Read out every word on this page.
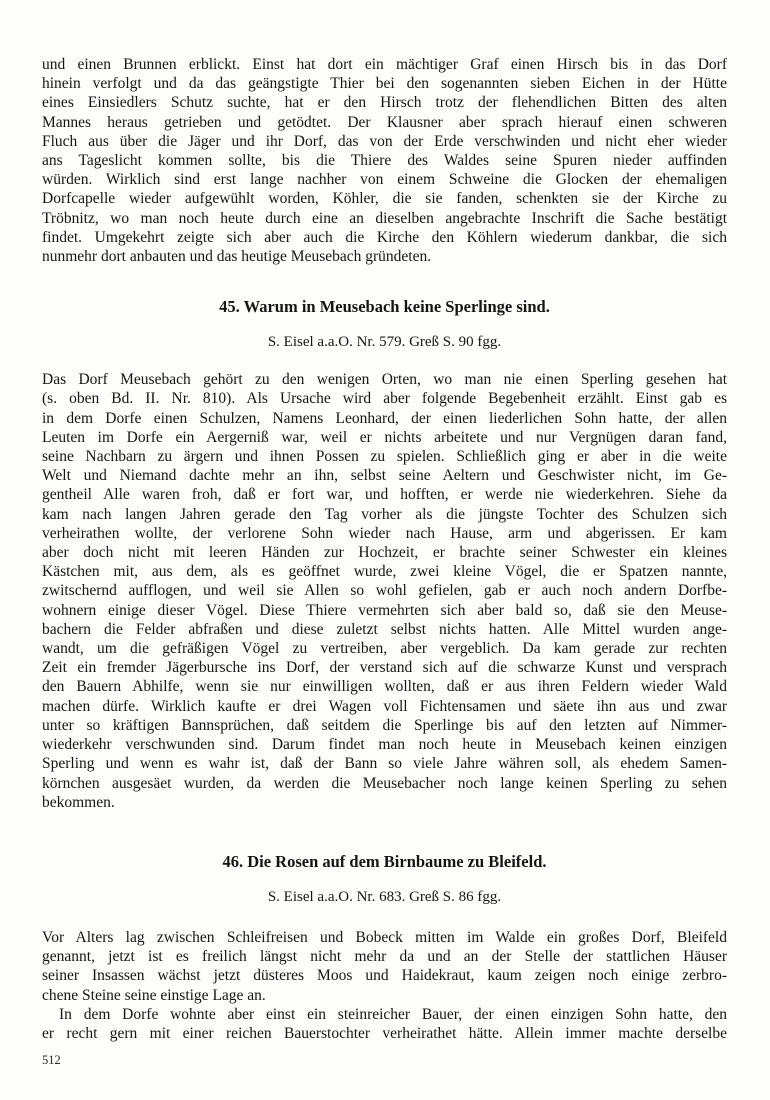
und einen Brunnen erblickt. Einst hat dort ein mächtiger Graf einen Hirsch bis in das Dorf
hinein verfolgt und da das geängstigte Thier bei den sogenannten sieben Eichen in der Hütte
eines Einsiedlers Schutz suchte, hat er den Hirsch trotz der flehendlichen Bitten des alten
Mannes heraus getrieben und getödtet. Der Klausner aber sprach hierauf einen schweren
Fluch aus über die Jäger und ihr Dorf, das von der Erde verschwinden und nicht eher wieder
ans Tageslicht kommen sollte, bis die Thiere des Waldes seine Spuren nieder auffinden
würden. Wirklich sind erst lange nachher von einem Schweine die Glocken der ehemaligen
Dorfcapelle wieder aufgewühlt worden, Köhler, die sie fanden, schenkten sie der Kirche zu
Tröbnitz, wo man noch heute durch eine an dieselben angebrachte Inschrift die Sache bestätigt
findet. Umgekehrt zeigte sich aber auch die Kirche den Köhlern wiederum dankbar, die sich
nunmehr dort anbauten und das heutige Meusebach gründeten.
45. Warum in Meusebach keine Sperlinge sind.
S. Eisel a.a.O. Nr. 579. Greß S. 90 fgg.
Das Dorf Meusebach gehört zu den wenigen Orten, wo man nie einen Sperling gesehen hat
(s. oben Bd. II. Nr. 810). Als Ursache wird aber folgende Begebenheit erzählt. Einst gab es
in dem Dorfe einen Schulzen, Namens Leonhard, der einen liederlichen Sohn hatte, der allen
Leuten im Dorfe ein Aergerniß war, weil er nichts arbeitete und nur Vergnügen daran fand,
seine Nachbarn zu ärgern und ihnen Possen zu spielen. Schließlich ging er aber in die weite
Welt und Niemand dachte mehr an ihn, selbst seine Aeltern und Geschwister nicht, im Ge-
gentheil Alle waren froh, daß er fort war, und hofften, er werde nie wiederkehren. Siehe da
kam nach langen Jahren gerade den Tag vorher als die jüngste Tochter des Schulzen sich
verheirathen wollte, der verlorene Sohn wieder nach Hause, arm und abgerissen. Er kam
aber doch nicht mit leeren Händen zur Hochzeit, er brachte seiner Schwester ein kleines
Kästchen mit, aus dem, als es geöffnet wurde, zwei kleine Vögel, die er Spatzen nannte,
zwitschernd aufflogen, und weil sie Allen so wohl gefielen, gab er auch noch andern Dorfbe-
wohnern einige dieser Vögel. Diese Thiere vermehrten sich aber bald so, daß sie den Meuse-
bachern die Felder abfraßen und diese zuletzt selbst nichts hatten. Alle Mittel wurden ange-
wandt, um die gefräßigen Vögel zu vertreiben, aber vergeblich. Da kam gerade zur rechten
Zeit ein fremder Jägerbursche ins Dorf, der verstand sich auf die schwarze Kunst und versprach
den Bauern Abhilfe, wenn sie nur einwilligen wollten, daß er aus ihren Feldern wieder Wald
machen dürfe. Wirklich kaufte er drei Wagen voll Fichtensamen und säete ihn aus und zwar
unter so kräftigen Bannsprüchen, daß seitdem die Sperlinge bis auf den letzten auf Nimmer-
wiederkehr verschwunden sind. Darum findet man noch heute in Meusebach keinen einzigen
Sperling und wenn es wahr ist, daß der Bann so viele Jahre währen soll, als ehedem Samen-
körnchen ausgesäet wurden, da werden die Meusebacher noch lange keinen Sperling zu sehen
bekommen.
46. Die Rosen auf dem Birnbaume zu Bleifeld.
S. Eisel a.a.O. Nr. 683. Greß S. 86 fgg.
Vor Alters lag zwischen Schleifreisen und Bobeck mitten im Walde ein großes Dorf, Bleifeld
genannt, jetzt ist es freilich längst nicht mehr da und an der Stelle der stattlichen Häuser
seiner Insassen wächst jetzt düsteres Moos und Haidekraut, kaum zeigen noch einige zerbro-
chene Steine seine einstige Lage an.
In dem Dorfe wohnte aber einst ein steinreicher Bauer, der einen einzigen Sohn hatte, den
er recht gern mit einer reichen Bauerstochter verheirathet hätte. Allein immer machte derselbe
512
